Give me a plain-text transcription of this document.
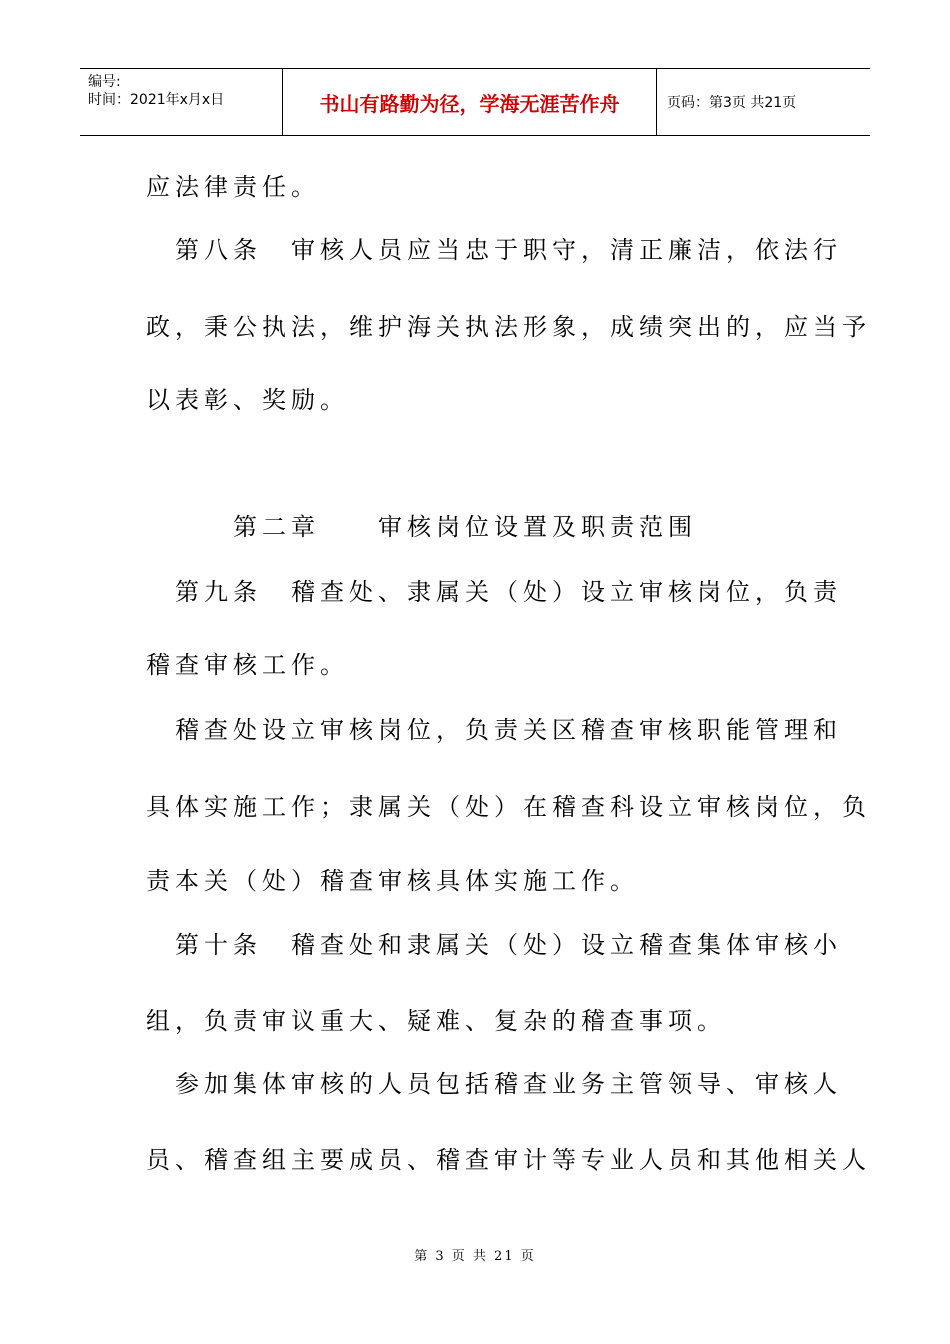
编号:
时间：2021年x月x日	书山有路勤为径，学海无涯苦作舟	页码：第3页 共21页
应法律责任。
　第八条　审核人员应当忠于职守，清正廉洁，依法行
政，秉公执法，维护海关执法形象，成绩突出的，应当予
以表彰、奖励。
　　　第二章　　审核岗位设置及职责范围
　第九条　稽查处、隶属关（处）设立审核岗位，负责
稽查审核工作。
　稽查处设立审核岗位，负责关区稽查审核职能管理和
具体实施工作；隶属关（处）在稽查科设立审核岗位，负
责本关（处）稽查审核具体实施工作。
　第十条　稽查处和隶属关（处）设立稽查集体审核小
组，负责审议重大、疑难、复杂的稽查事项。
　参加集体审核的人员包括稽查业务主管领导、审核人
员、稽查组主要成员、稽查审计等专业人员和其他相关人
第 3 页 共 21 页
